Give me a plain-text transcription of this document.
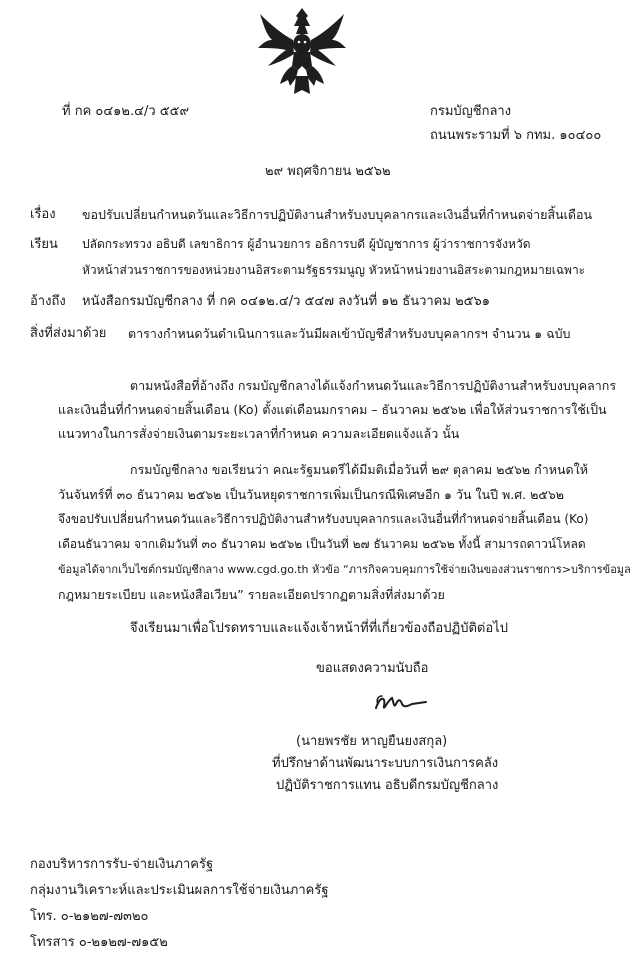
ที่ กค ๐๔๑๒.๔/ว ๕๕๙	กรมบัญชีกลาง
ถนนพระรามที่ ๖ กทม. ๑๐๔๐๐
๒๙ พฤศจิกายน ๒๕๖๒
เรื่อง ขอปรับเปลี่ยนกำหนดวันและวิธีการปฏิบัติงานสำหรับงบบุคลากรและเงินอื่นที่กำหนดจ่ายสิ้นเดือน
เรียน ปลัดกระทรวง อธิบดี เลขาธิการ ผู้อำนวยการ อธิการบดี ผู้บัญชาการ ผู้ว่าราชการจังหวัด
หัวหน้าส่วนราชการของหน่วยงานอิสระตามรัฐธรรมนูญ หัวหน้าหน่วยงานอิสระตามกฎหมายเฉพาะ
อ้างถึง หนังสือกรมบัญชีกลาง ที่ กค ๐๔๑๒.๔/ว ๕๔๗ ลงวันที่ ๑๒ ธันวาคม ๒๕๖๑
สิ่งที่ส่งมาด้วย ตารางกำหนดวันดำเนินการและวันมีผลเข้าบัญชีสำหรับงบบุคลากรฯ จำนวน ๑ ฉบับ
ตามหนังสือที่อ้างถึง กรมบัญชีกลางได้แจ้งกำหนดวันและวิธีการปฏิบัติงานสำหรับงบบุคลากร
และเงินอื่นที่กำหนดจ่ายสิ้นเดือน (Ko) ตั้งแต่เดือนมกราคม – ธันวาคม ๒๕๖๒ เพื่อให้ส่วนราชการใช้เป็น
แนวทางในการสั่งจ่ายเงินตามระยะเวลาที่กำหนด ความละเอียดแจ้งแล้ว นั้น
กรมบัญชีกลาง ขอเรียนว่า คณะรัฐมนตรีได้มีมติเมื่อวันที่ ๒๙ ตุลาคม ๒๕๖๒ กำหนดให้
วันจันทร์ที่ ๓๐ ธันวาคม ๒๕๖๒ เป็นวันหยุดราชการเพิ่มเป็นกรณีพิเศษอีก ๑ วัน ในปี พ.ศ. ๒๕๖๒
จึงขอปรับเปลี่ยนกำหนดวันและวิธีการปฏิบัติงานสำหรับงบบุคลากรและเงินอื่นที่กำหนดจ่ายสิ้นเดือน (Ko)
เดือนธันวาคม จากเดิมวันที่ ๓๐ ธันวาคม ๒๕๖๒ เป็นวันที่ ๒๗ ธันวาคม ๒๕๖๒ ทั้งนี้ สามารถดาวน์โหลด
ข้อมูลได้จากเว็บไซต์กรมบัญชีกลาง www.cgd.go.th หัวข้อ “ภารกิจควบคุมการใช้จ่ายเงินของส่วนราชการ>บริการข้อมูล
กฎหมายระเบียบ และหนังสือเวียน” รายละเอียดปรากฏตามสิ่งที่ส่งมาด้วย
จึงเรียนมาเพื่อโปรดทราบและแจ้งเจ้าหน้าที่ที่เกี่ยวข้องถือปฏิบัติต่อไป
ขอแสดงความนับถือ
(นายพรชัย หาญยืนยงสกุล)
ที่ปรึกษาด้านพัฒนาระบบการเงินการคลัง
ปฏิบัติราชการแทน อธิบดีกรมบัญชีกลาง
กองบริหารการรับ-จ่ายเงินภาครัฐ
กลุ่มงานวิเคราะห์และประเมินผลการใช้จ่ายเงินภาครัฐ
โทร. ๐-๒๑๒๗-๗๓๒๐
โทรสาร ๐-๒๑๒๗-๗๑๕๒
